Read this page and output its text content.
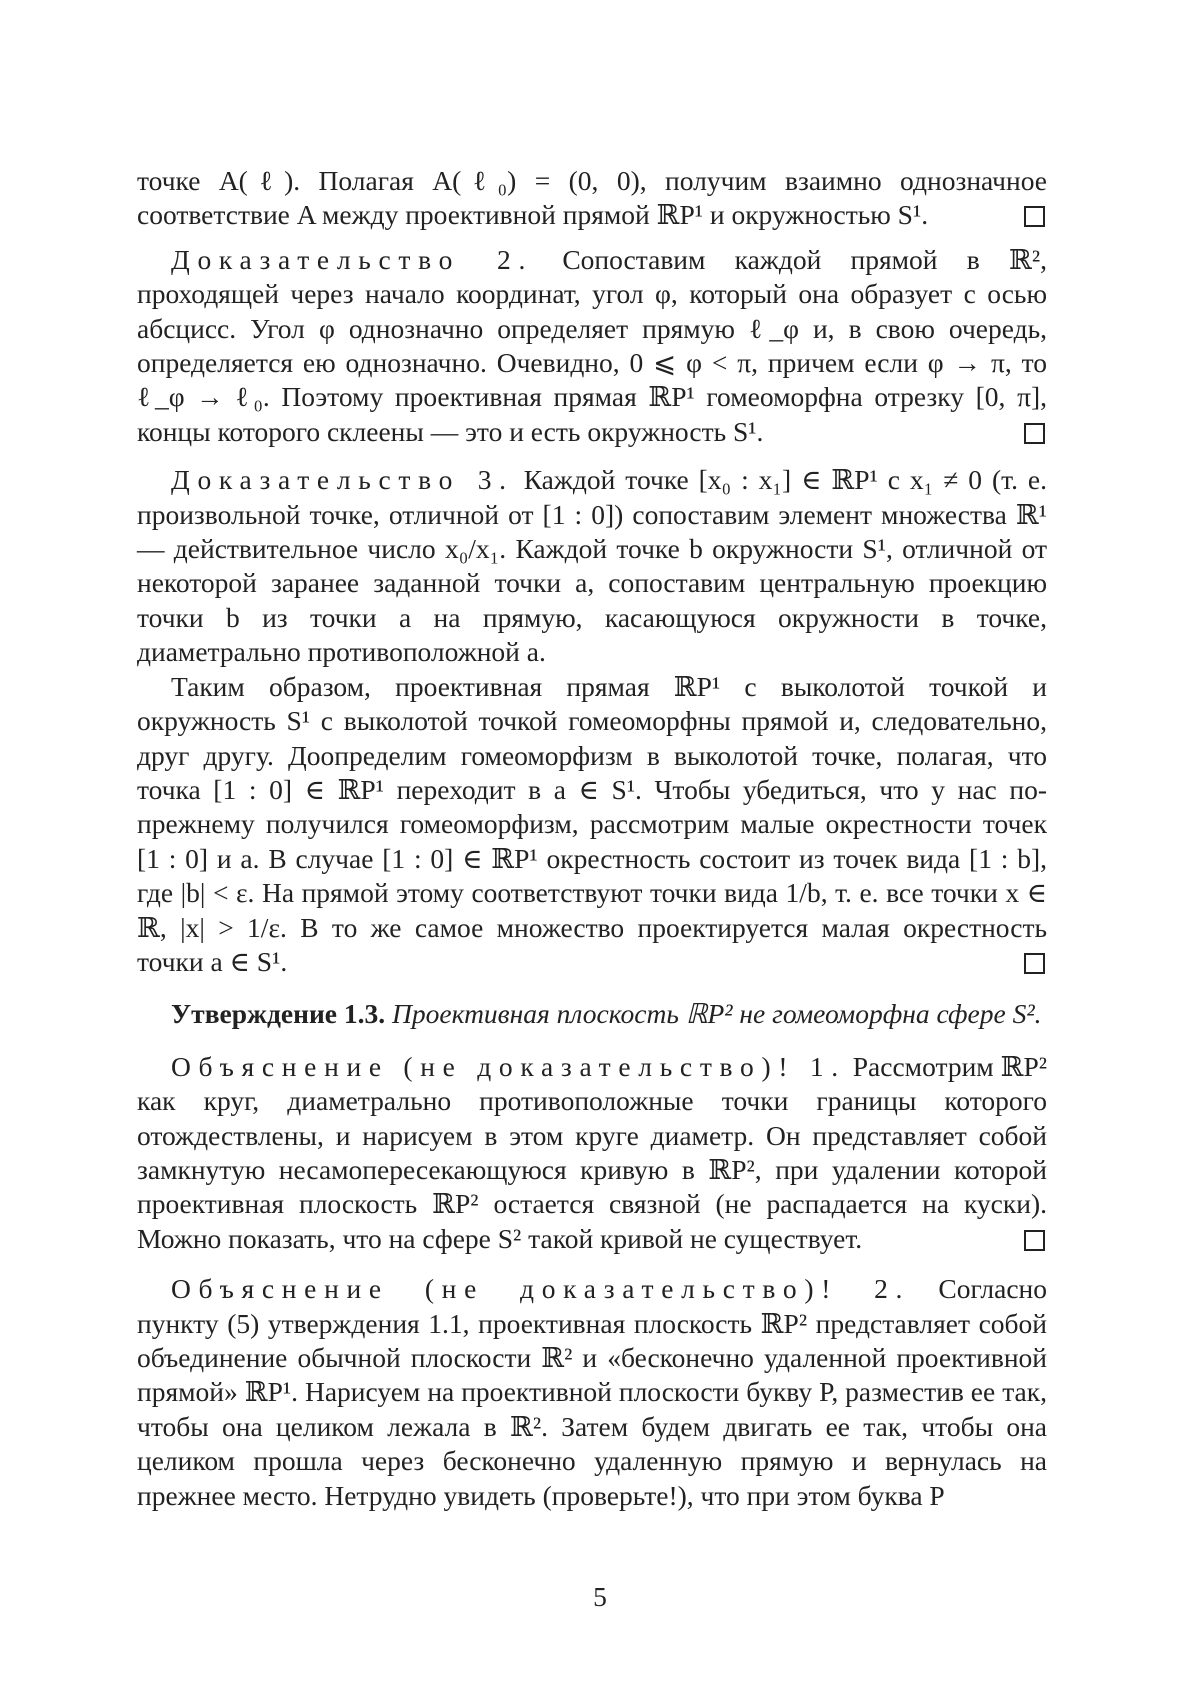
точке A(ℓ). Полагая A(ℓ₀) = (0, 0), получим взаимно однозначное соответствие A между проективной прямой ℝP¹ и окружностью S¹.

Доказательство 2. Сопоставим каждой прямой в ℝ², проходящей через начало координат, угол φ, который она образует с осью абсцисс. Угол φ однозначно определяет прямую ℓ_φ и, в свою очередь, определяется ею однозначно. Очевидно, 0 ⩽ φ < π, причем если φ → π, то ℓ_φ → ℓ₀. Поэтому проективная прямая ℝP¹ гомеоморфна отрезку [0, π], концы которого склеены — это и есть окружность S¹.

Доказательство 3. Каждой точке [x₀ : x₁] ∈ ℝP¹ с x₁ ≠ 0 (т. е. произвольной точке, отличной от [1 : 0]) сопоставим элемент множества ℝ¹ — действительное число x₀/x₁. Каждой точке b окружности S¹, отличной от некоторой заранее заданной точки a, сопоставим центральную проекцию точки b из точки a на прямую, касающуюся окружности в точке, диаметрально противоположной a.

Таким образом, проективная прямая ℝP¹ с выколотой точкой и окружность S¹ с выколотой точкой гомеоморфны прямой и, следовательно, друг другу. Доопределим гомеоморфизм в выколотой точке, полагая, что точка [1 : 0] ∈ ℝP¹ переходит в a ∈ S¹. Чтобы убедиться, что у нас по-прежнему получился гомеоморфизм, рассмотрим малые окрестности точек [1 : 0] и a. В случае [1 : 0] ∈ ℝP¹ окрестность состоит из точек вида [1 : b], где |b| < ε. На прямой этому соответствуют точки вида 1/b, т. е. все точки x ∈ ℝ, |x| > 1/ε. В то же самое множество проектируется малая окрестность точки a ∈ S¹.

Утверждение 1.3. Проективная плоскость ℝP² не гомеоморфна сфере S².

Объяснение (не доказательство)! 1. Рассмотрим ℝP² как круг, диаметрально противоположные точки границы которого отождествлены, и нарисуем в этом круге диаметр. Он представляет собой замкнутую несамопересекающуюся кривую в ℝP², при удалении которой проективная плоскость ℝP² остается связной (не распадается на куски). Можно показать, что на сфере S² такой кривой не существует.

Объяснение (не доказательство)! 2. Согласно пункту (5) утверждения 1.1, проективная плоскость ℝP² представляет собой объединение обычной плоскости ℝ² и «бесконечно удаленной проективной прямой» ℝP¹. Нарисуем на проективной плоскости букву P, разместив ее так, чтобы она целиком лежала в ℝ². Затем будем двигать ее так, чтобы она целиком прошла через бесконечно удаленную прямую и вернулась на прежнее место. Нетрудно увидеть (проверьте!), что при этом буква P

5
